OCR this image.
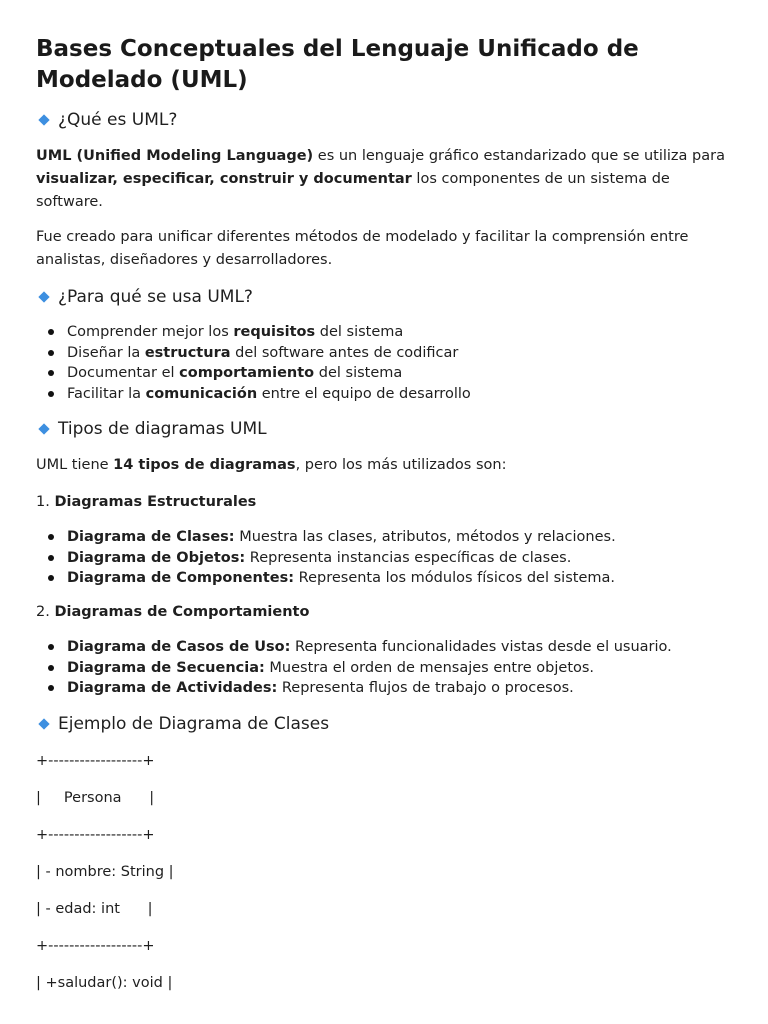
Bases Conceptuales del Lenguaje Unificado de Modelado (UML)
¿Qué es UML?

UML (Unified Modeling Language) es un lenguaje gráfico estandarizado que se utiliza para visualizar, especificar, construir y documentar los componentes de un sistema de software.

Fue creado para unificar diferentes métodos de modelado y facilitar la comprensión entre analistas, diseñadores y desarrolladores.

¿Para qué se usa UML?
Comprender mejor los requisitos del sistema
Diseñar la estructura del software antes de codificar
Documentar el comportamiento del sistema
Facilitar la comunicación entre el equipo de desarrollo
Tipos de diagramas UML

UML tiene 14 tipos de diagramas, pero los más utilizados son:

1. Diagramas Estructurales

Diagrama de Clases: Muestra las clases, atributos, métodos y relaciones.
Diagrama de Objetos: Representa instancias específicas de clases.
Diagrama de Componentes: Representa los módulos físicos del sistema.

2. Diagramas de Comportamiento

Diagrama de Casos de Uso: Representa funcionalidades vistas desde el usuario.
Diagrama de Secuencia: Muestra el orden de mensajes entre objetos.
Diagrama de Actividades: Representa flujos de trabajo o procesos.
Ejemplo de Diagrama de Clases
+------------------+
|     Persona      |
+------------------+
| - nombre: String |
| - edad: int      |
+------------------+
| +saludar(): void |
